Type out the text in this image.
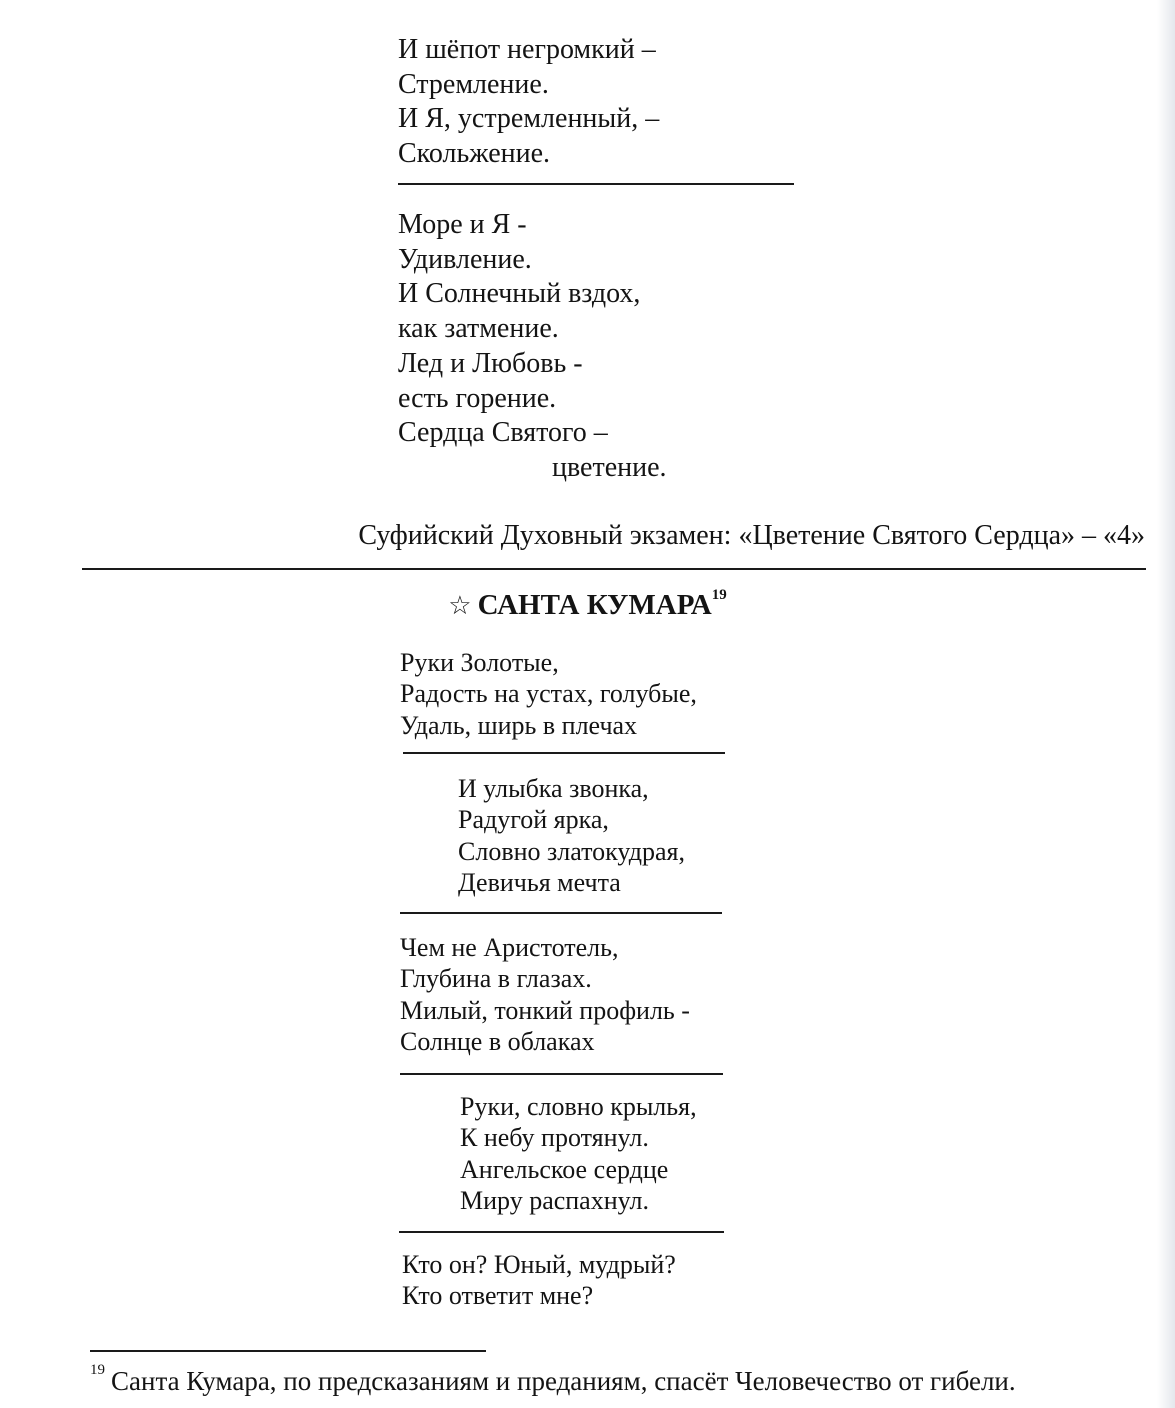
И шёпот негромкий –
Стремление.
И Я, устремленный, –
Скольжение.
Море и Я -
Удивление.
И Солнечный вздох,
как затмение.
Лед и Любовь -
есть горение.
Сердца Святого –
цветение.
Суфийский Духовный экзамен: «Цветение Святого Сердца» – «4»
☆ САНТА КУМАРА$^{19}$
Руки Золотые,
Радость на устах, голубые,
Удаль, ширь в плечах
И улыбка звонка,
Радугой ярка,
Словно златокудрая,
Девичья мечта
Чем не Аристотель,
Глубина в глазах.
Милый, тонкий профиль -
Солнце в облаках
Руки, словно крылья,
К небу протянул.
Ангельское сердце
Миру распахнул.
Кто он? Юный, мудрый?
Кто ответит мне?
$^{19}$ Санта Кумара, по предсказаниям и преданиям, спасёт Человечество от гибели.
